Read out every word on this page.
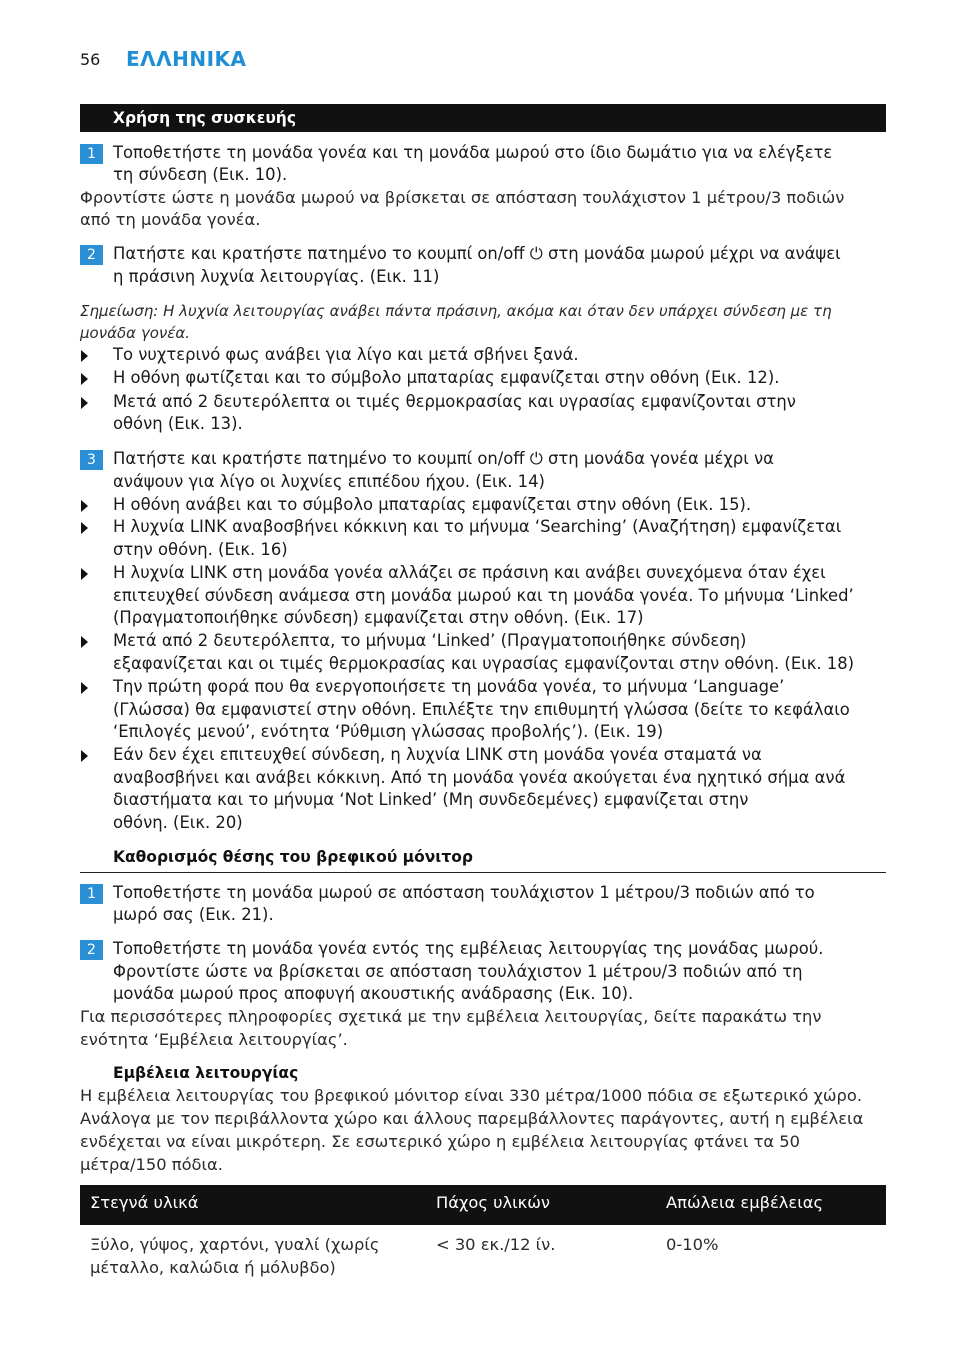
56 ΕΛΛΗΝΙΚΑ
Χρήση της συσκευής
1	Τοποθετήστε τη μονάδα γονέα και τη μονάδα μωρού στο ίδιο δωμάτιο για να ελέγξετε
τη σύνδεση (Εικ. 10).
Φροντίστε ώστε η μονάδα μωρού να βρίσκεται σε απόσταση τουλάχιστον 1 μέτρου/3 ποδιών
από τη μονάδα γονέα.
2	Πατήστε και κρατήστε πατημένο το κουμπί on/off ⏻ στη μονάδα μωρού μέχρι να ανάψει
η πράσινη λυχνία λειτουργίας. (Εικ. 11)
Σημείωση: Η λυχνία λειτουργίας ανάβει πάντα πράσινη, ακόμα και όταν δεν υπάρχει σύνδεση με τη
μονάδα γονέα.
Το νυχτερινό φως ανάβει για λίγο και μετά σβήνει ξανά.
Η οθόνη φωτίζεται και το σύμβολο μπαταρίας εμφανίζεται στην οθόνη (Εικ. 12).
Μετά από 2 δευτερόλεπτα οι τιμές θερμοκρασίας και υγρασίας εμφανίζονται στην
οθόνη (Εικ. 13).
3	Πατήστε και κρατήστε πατημένο το κουμπί on/off ⏻ στη μονάδα γονέα μέχρι να
ανάψουν για λίγο οι λυχνίες επιπέδου ήχου. (Εικ. 14)
Η οθόνη ανάβει και το σύμβολο μπαταρίας εμφανίζεται στην οθόνη (Εικ. 15).
Η λυχνία LINK αναβοσβήνει κόκκινη και το μήνυμα ‘Searching’ (Αναζήτηση) εμφανίζεται
στην οθόνη. (Εικ. 16)
Η λυχνία LINK στη μονάδα γονέα αλλάζει σε πράσινη και ανάβει συνεχόμενα όταν έχει
επιτευχθεί σύνδεση ανάμεσα στη μονάδα μωρού και τη μονάδα γονέα. Το μήνυμα ‘Linked’
(Πραγματοποιήθηκε σύνδεση) εμφανίζεται στην οθόνη. (Εικ. 17)
Μετά από 2 δευτερόλεπτα, το μήνυμα ‘Linked’ (Πραγματοποιήθηκε σύνδεση)
εξαφανίζεται και οι τιμές θερμοκρασίας και υγρασίας εμφανίζονται στην οθόνη. (Εικ. 18)
Την πρώτη φορά που θα ενεργοποιήσετε τη μονάδα γονέα, το μήνυμα ‘Language’
(Γλώσσα) θα εμφανιστεί στην οθόνη. Επιλέξτε την επιθυμητή γλώσσα (δείτε το κεφάλαιο
‘Επιλογές μενού’, ενότητα ‘Ρύθμιση γλώσσας προβολής’). (Εικ. 19)
Εάν δεν έχει επιτευχθεί σύνδεση, η λυχνία LINK στη μονάδα γονέα σταματά να
αναβοσβήνει και ανάβει κόκκινη. Από τη μονάδα γονέα ακούγεται ένα ηχητικό σήμα ανά
διαστήματα και το μήνυμα ‘Not Linked’ (Μη συνδεδεμένες) εμφανίζεται στην
οθόνη. (Εικ. 20)
Καθορισμός θέσης του βρεφικού μόνιτορ
1	Τοποθετήστε τη μονάδα μωρού σε απόσταση τουλάχιστον 1 μέτρου/3 ποδιών από το
μωρό σας (Εικ. 21).
2	Τοποθετήστε τη μονάδα γονέα εντός της εμβέλειας λειτουργίας της μονάδας μωρού.
Φροντίστε ώστε να βρίσκεται σε απόσταση τουλάχιστον 1 μέτρου/3 ποδιών από τη
μονάδα μωρού προς αποφυγή ακουστικής ανάδρασης (Εικ. 10).
Για περισσότερες πληροφορίες σχετικά με την εμβέλεια λειτουργίας, δείτε παρακάτω την
ενότητα ‘Εμβέλεια λειτουργίας’.
Εμβέλεια λειτουργίας
Η εμβέλεια λειτουργίας του βρεφικού μόνιτορ είναι 330 μέτρα/1000 πόδια σε εξωτερικό χώρο.
Ανάλογα με τον περιβάλλοντα χώρο και άλλους παρεμβάλλοντες παράγοντες, αυτή η εμβέλεια
ενδέχεται να είναι μικρότερη. Σε εσωτερικό χώρο η εμβέλεια λειτουργίας φτάνει τα 50
μέτρα/150 πόδια.
Στεγνά υλικά	Πάχος υλικών	Απώλεια εμβέλειας
Ξύλο, γύψος, χαρτόνι, γυαλί (χωρίς
μέταλλο, καλώδια ή μόλυβδο)
< 30 εκ./12 ίν.	0-10%
